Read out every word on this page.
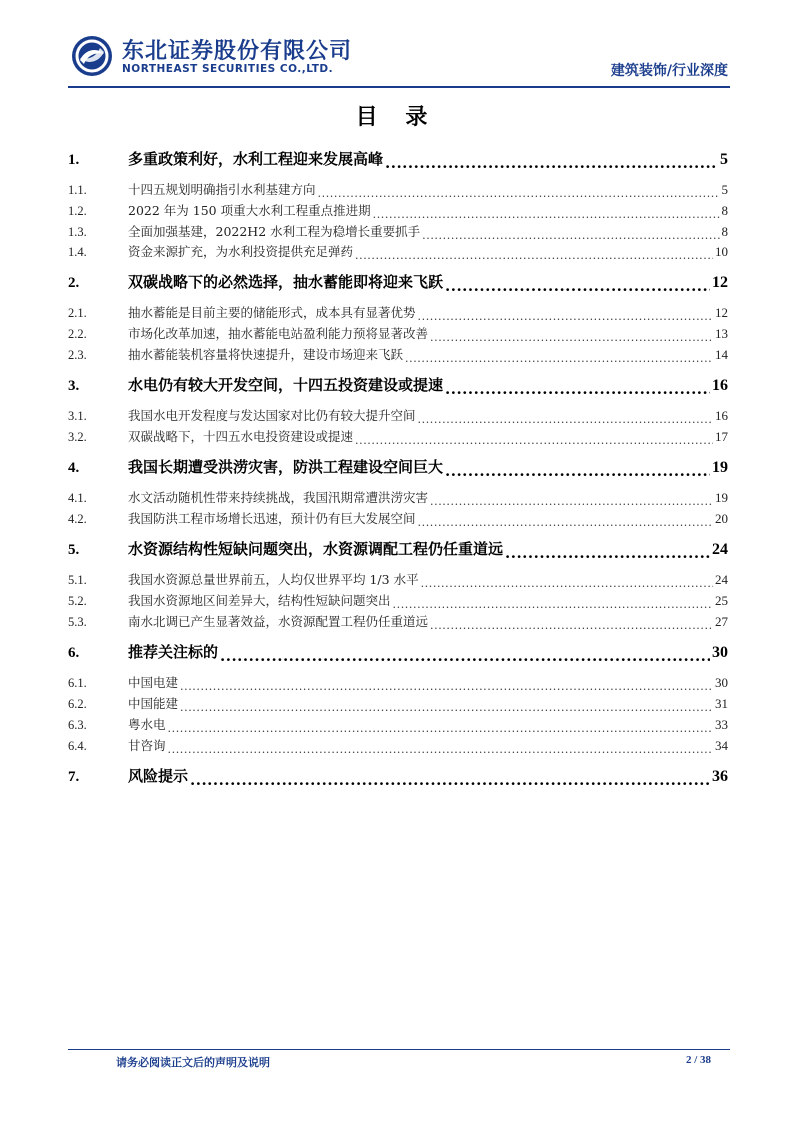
东北证券股份有限公司
NORTHEAST SECURITIES CO.,LTD.	建筑装饰/行业深度
目 录
1.	多重政策利好，水利工程迎来发展高峰 .....	5
1.1.	十四五规划明确指引水利基建方向 .....	5
1.2.	2022 年为 150 项重大水利工程重点推进期 .....	8
1.3.	全面加强基建，2022H2 水利工程为稳增长重要抓手 .....	8
1.4.	资金来源扩充，为水利投资提供充足弹药 .....	10
2.	双碳战略下的必然选择，抽水蓄能即将迎来飞跃 .....	12
2.1.	抽水蓄能是目前主要的储能形式，成本具有显著优势 .....	12
2.2.	市场化改革加速，抽水蓄能电站盈利能力预将显著改善 .....	13
2.3.	抽水蓄能装机容量将快速提升，建设市场迎来飞跃 .....	14
3.	水电仍有较大开发空间，十四五投资建设或提速 .....	16
3.1.	我国水电开发程度与发达国家对比仍有较大提升空间 .....	16
3.2.	双碳战略下，十四五水电投资建设或提速 .....	17
4.	我国长期遭受洪涝灾害，防洪工程建设空间巨大 .....	19
4.1.	水文活动随机性带来持续挑战，我国汛期常遭洪涝灾害 .....	19
4.2.	我国防洪工程市场增长迅速，预计仍有巨大发展空间 .....	20
5.	水资源结构性短缺问题突出，水资源调配工程仍任重道远 .....	24
5.1.	我国水资源总量世界前五，人均仅世界平均 1/3 水平 .....	24
5.2.	我国水资源地区间差异大，结构性短缺问题突出 .....	25
5.3.	南水北调已产生显著效益，水资源配置工程仍任重道远 .....	27
6.	推荐关注标的 .....	30
6.1.	中国电建 .....	30
6.2.	中国能建 .....	31
6.3.	粤水电 .....	33
6.4.	甘咨询 .....	34
7.	风险提示 .....	36
请务必阅读正文后的声明及说明	2 / 38
